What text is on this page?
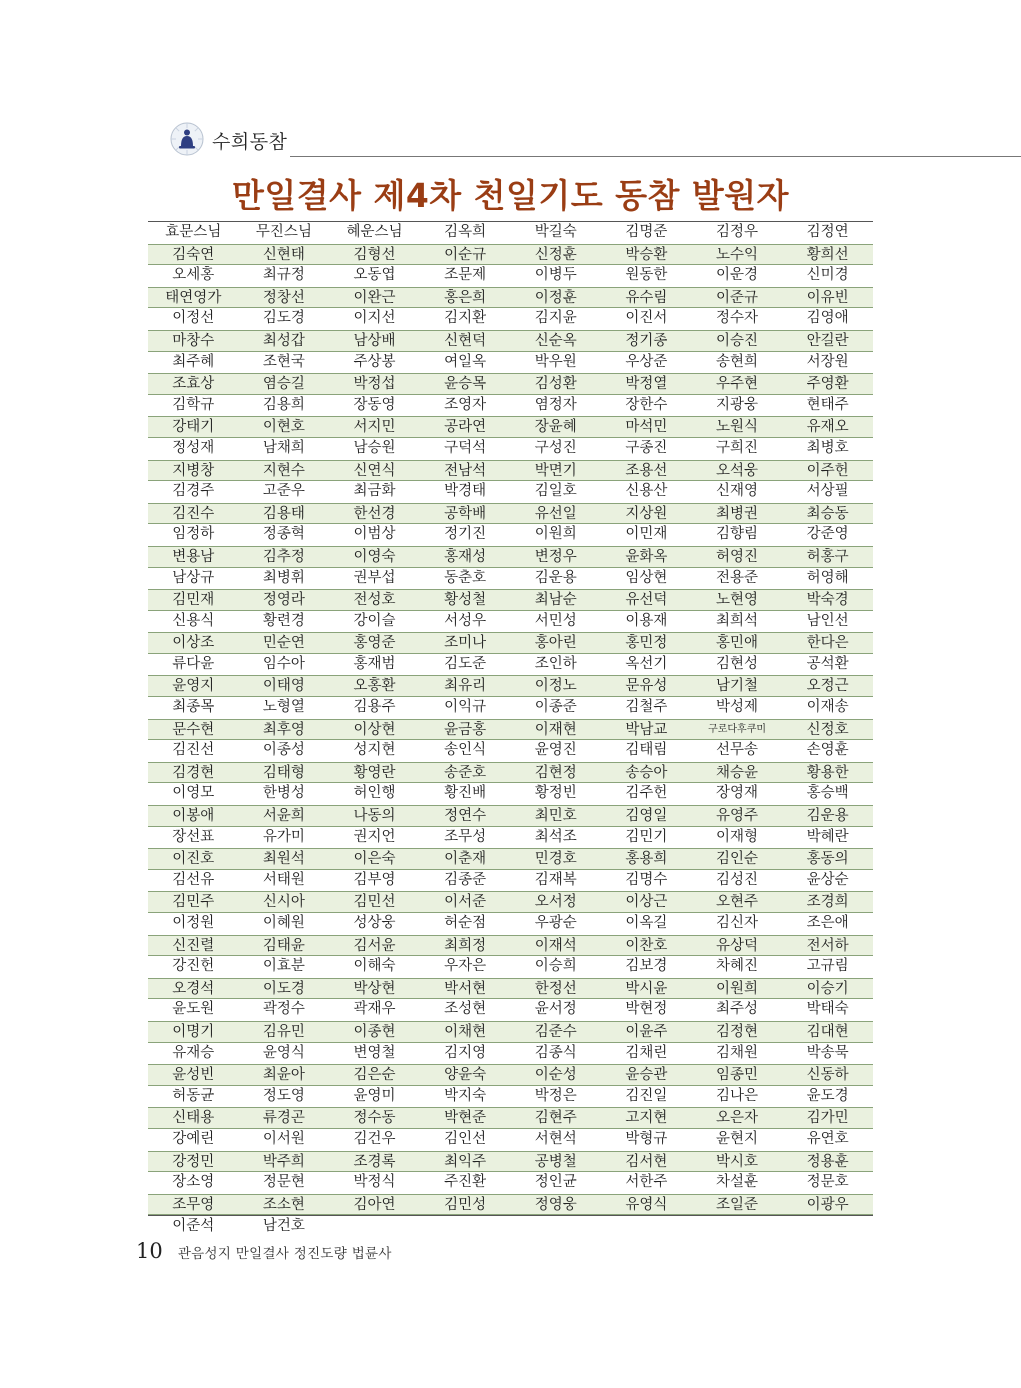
수희동참
만일결사 제4차 천일기도 동참 발원자
효문스님	무진스님	혜운스님	김옥희	박길숙	김명준	김정우	김정연
김숙연	신현태	김형선	이순규	신정훈	박승환	노수익	황희선
오세홍	최규정	오동엽	조문제	이병두	원동한	이운경	신미경
태연영가	정창선	이완근	홍은희	이정훈	유수림	이준규	이유빈
이정선	김도경	이지선	김지환	김지윤	이진서	정수자	김영애
마창수	최성갑	남상배	신현덕	신순옥	정기종	이승진	안길란
최주혜	조현국	주상봉	여일옥	박우원	우상준	송현희	서장원
조효상	염승길	박정섭	윤승목	김성환	박정열	우주현	주영환
김학규	김용희	장동영	조영자	염정자	장한수	지광웅	현태주
강태기	이현호	서지민	공라연	장윤혜	마석민	노원식	유재오
정성재	남채희	남승원	구덕석	구성진	구종진	구희진	최병호
지병창	지현수	신연식	전남석	박면기	조용선	오석웅	이주헌
김경주	고준우	최금화	박경태	김일호	신용산	신재영	서상필
김진수	김용태	한선경	공학배	유선일	지상원	최병권	최승동
임정하	정종혁	이범상	정기진	이원희	이민재	김향림	강준영
변용남	김추정	이영숙	홍재성	변정우	윤화옥	허영진	허홍구
남상규	최병휘	권부섭	동춘호	김운용	임상현	전용준	허영해
김민재	정영라	전성호	황성철	최남순	유선덕	노현영	박숙경
신용식	황련경	강이슬	서성우	서민성	이용재	최희석	남인선
이상조	민순연	홍영준	조미나	홍아린	홍민정	홍민애	한다은
류다윤	임수아	홍재범	김도준	조인하	옥선기	김현성	공석환
윤영지	이태영	오홍환	최유리	이정노	문유성	남기철	오정근
최종목	노형열	김용주	이익규	이종준	김철주	박성제	이재송
문수현	최후영	이상현	윤금홍	이재현	박남교	구로다후쿠미	신정호
김진선	이종성	성지현	송인식	윤영진	김태림	선무송	손영훈
김경현	김태형	황영란	송준호	김현정	송승아	채승윤	황용한
이영모	한병성	허인행	황진배	황정빈	김주헌	장영재	홍승백
이봉애	서윤희	나동의	정연수	최민호	김영일	유영주	김운용
장선표	유가미	권지언	조무성	최석조	김민기	이재형	박혜란
이진호	최원석	이은숙	이춘재	민경호	홍용희	김인순	홍동의
김선유	서태원	김부영	김종준	김재복	김명수	김성진	윤상순
김민주	신시아	김민선	이서준	오서정	이상근	오현주	조경희
이정원	이혜원	성상웅	허순점	우광순	이옥길	김신자	조은애
신진렬	김태윤	김서윤	최희정	이재석	이찬호	유상덕	전서하
강진헌	이효분	이해숙	우자은	이승희	김보경	차혜진	고규림
오경석	이도경	박상현	박서현	한정선	박시윤	이원희	이승기
윤도원	곽정수	곽재우	조성현	윤서정	박현정	최주성	박태숙
이명기	김유민	이종현	이채현	김준수	이윤주	김정현	김대현
유재승	윤영식	변영철	김지영	김종식	김채린	김채원	박송묵
윤성빈	최윤아	김은순	양윤숙	이순성	윤승관	임종민	신동하
허동균	정도영	윤영미	박지숙	박정은	김진일	김나은	윤도경
신태용	류경곤	정수동	박현준	김현주	고지현	오은자	김가민
강예린	이서원	김건우	김인선	서현석	박형규	윤현지	유연호
강정민	박주희	조경록	최익주	공병철	김서현	박시호	정용훈
장소영	정문현	박정식	주진환	정인균	서한주	차설훈	정문호
조무영	조소현	김아연	김민성	정영웅	유영식	조일준	이광우
이준석	남건호
10 관음성지 만일결사 정진도량 법륜사
